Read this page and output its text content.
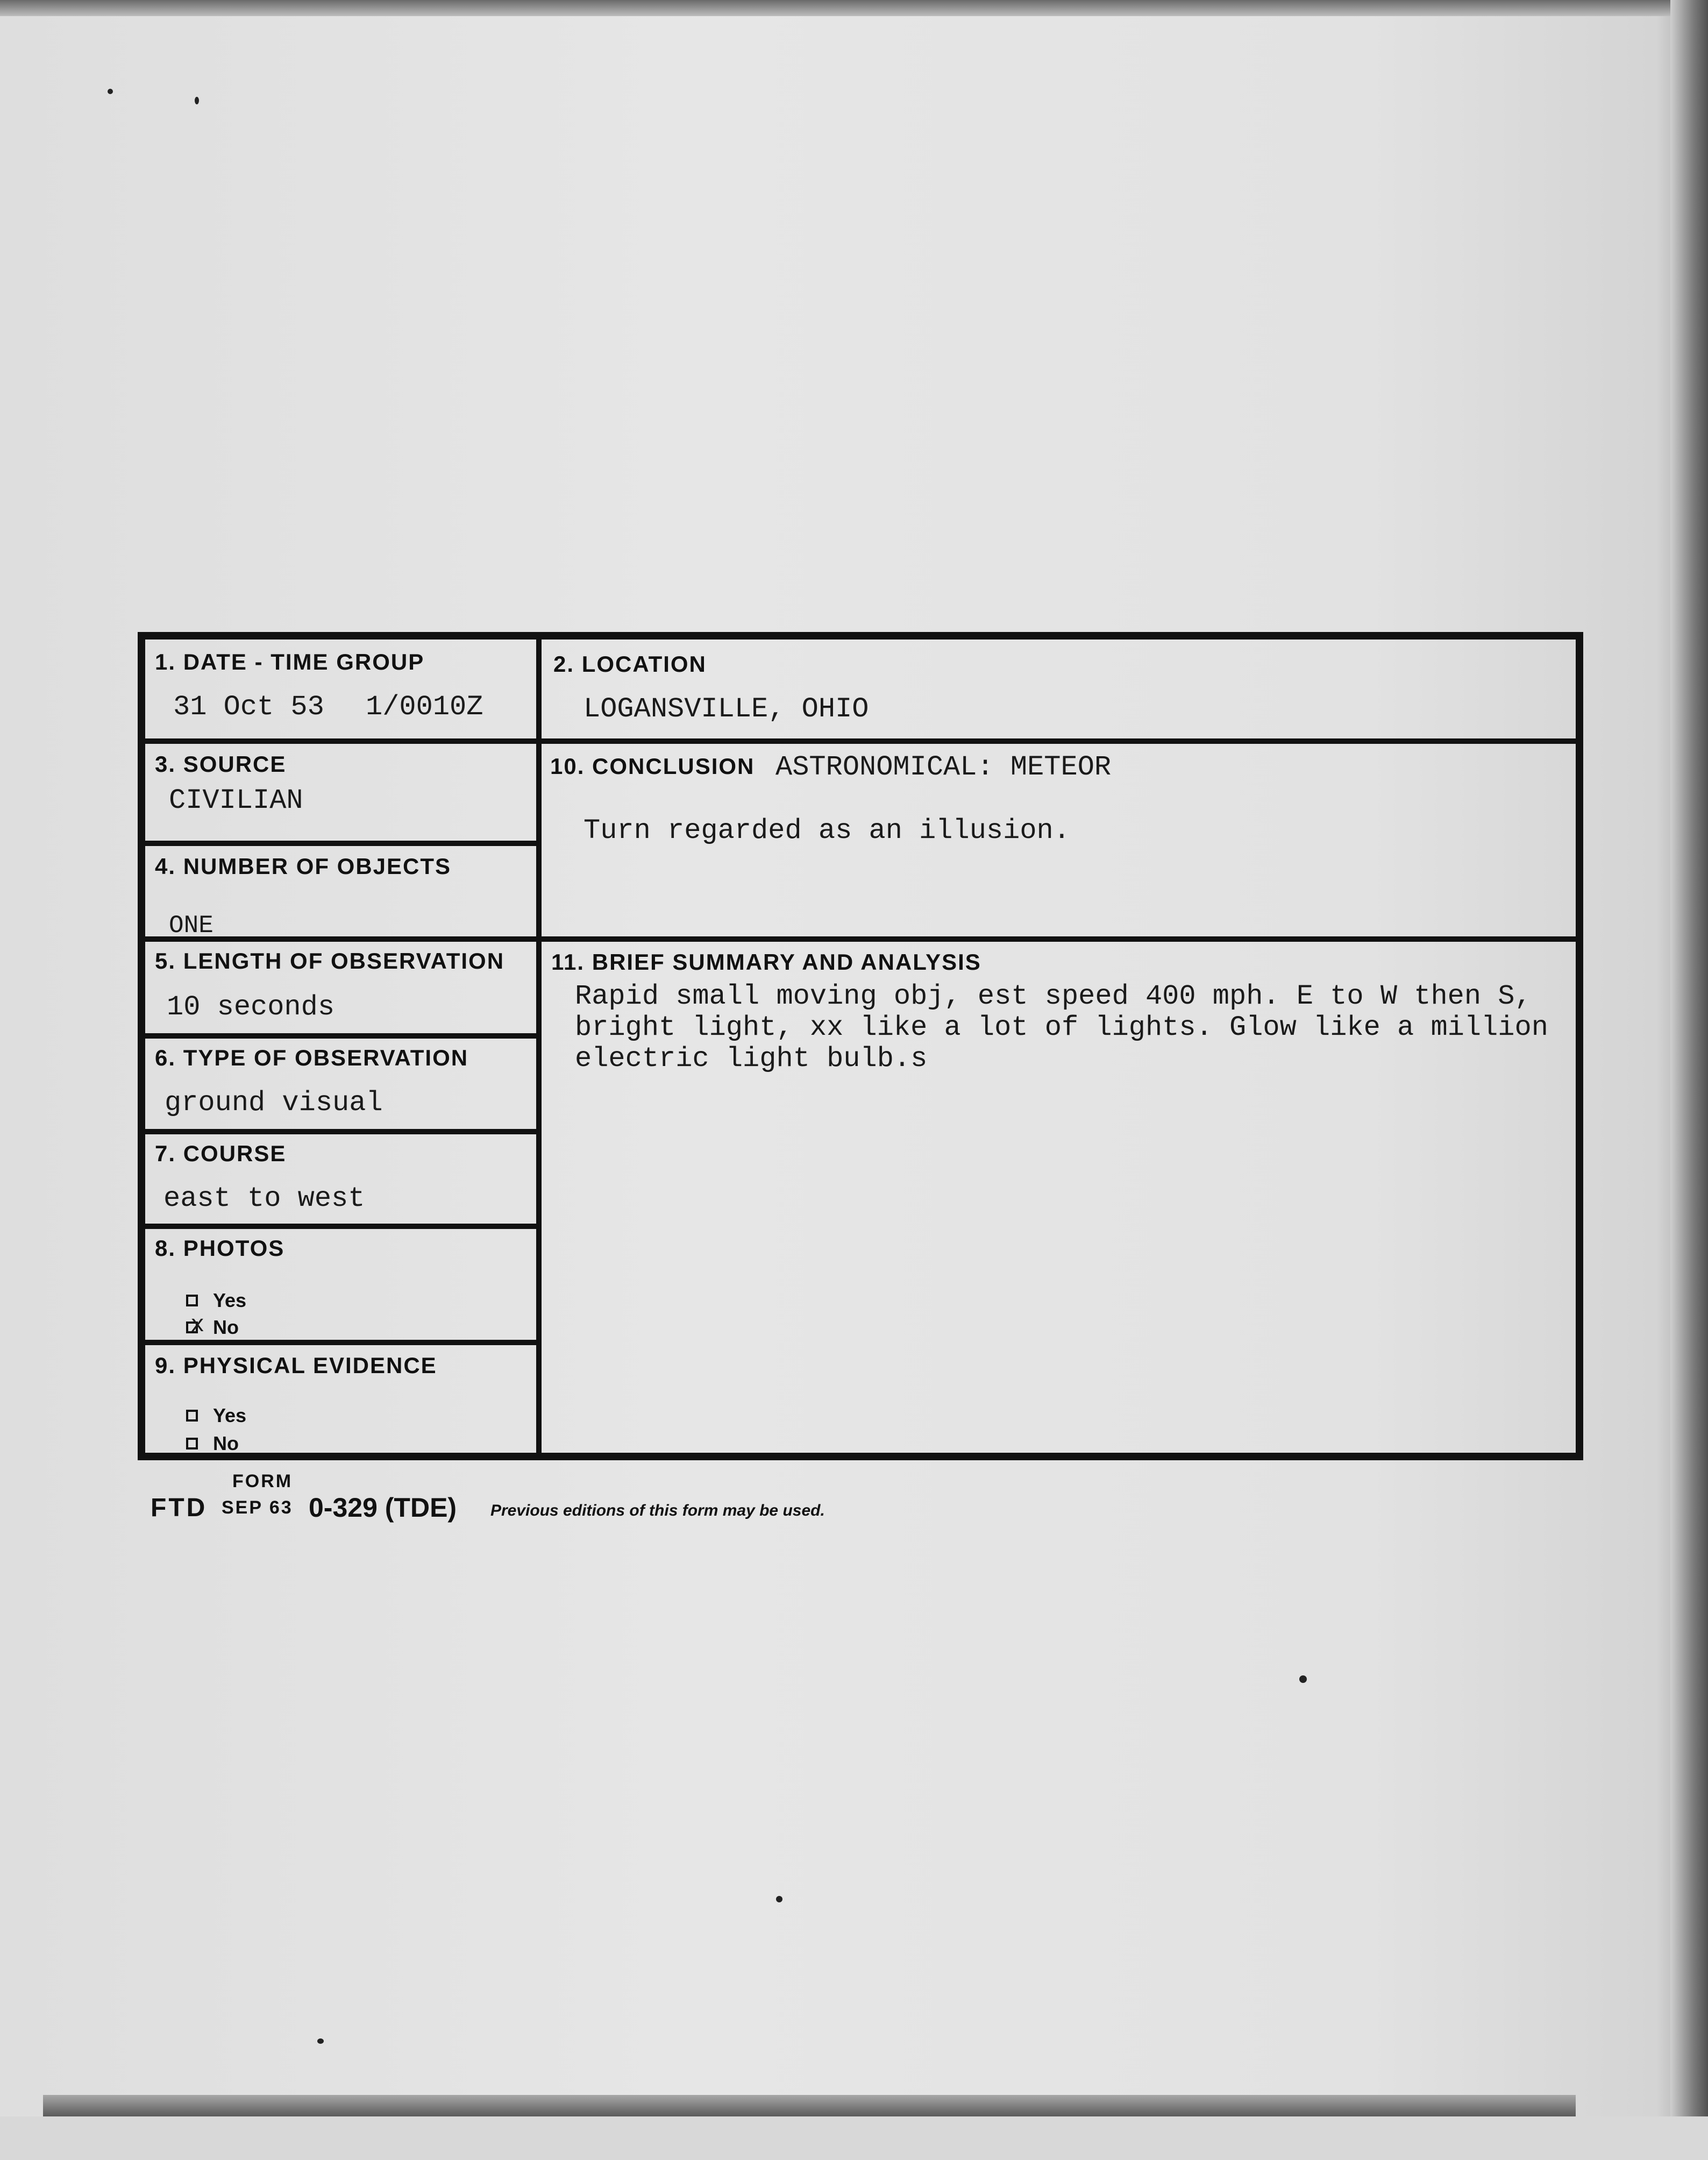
1. DATE - TIME GROUP
31 Oct 53 1/0010Z
3. SOURCE
CIVILIAN
4. NUMBER OF OBJECTS
ONE
5. LENGTH OF OBSERVATION
10 seconds
6. TYPE OF OBSERVATION
ground visual
7. COURSE
east to west
8. PHOTOS
Yes
x No
9. PHYSICAL EVIDENCE
Yes
No
2. LOCATION
LOGANSVILLE, OHIO
10. CONCLUSION ASTRONOMICAL: METEOR
Turn regarded as an illusion.
11. BRIEF SUMMARY AND ANALYSIS
Rapid small moving obj, est speed 400 mph. E to W then S,
bright light, xx like a lot of lights. Glow like a million
electric light bulb.s
FORM
FTD SEP 63 0-329 (TDE) Previous editions of this form may be used.
